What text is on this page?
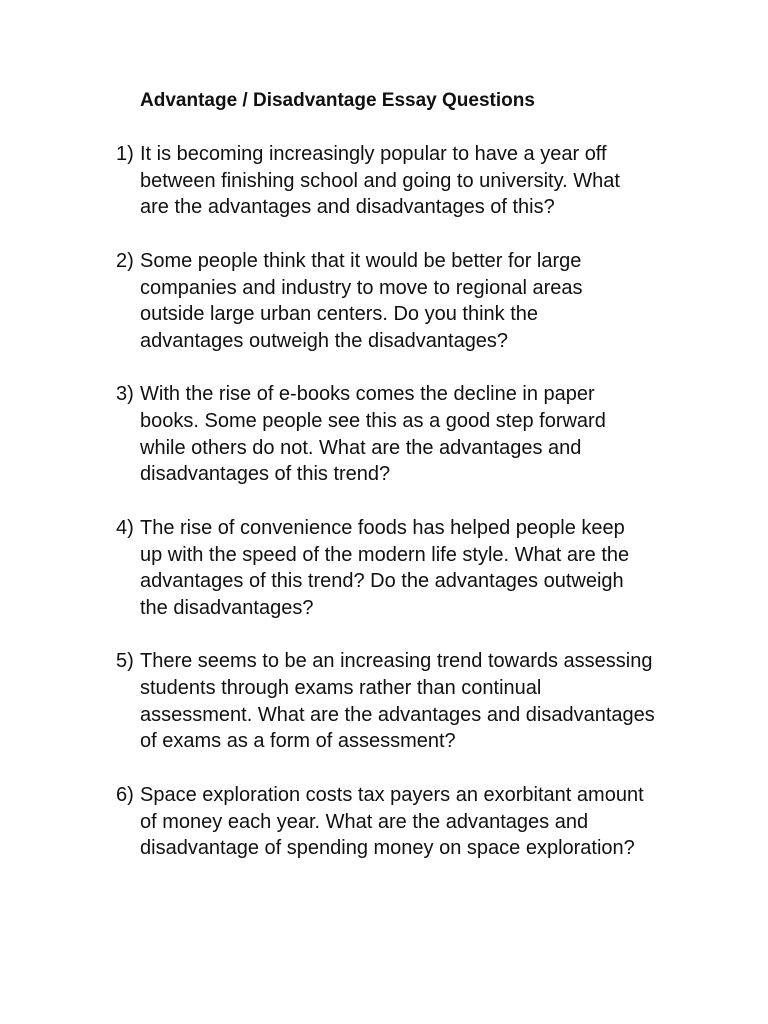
Advantage / Disadvantage Essay Questions
1) It is becoming increasingly popular to have a year off
between finishing school and going to university. What
are the advantages and disadvantages of this?
2) Some people think that it would be better for large
companies and industry to move to regional areas
outside large urban centers. Do you think the
advantages outweigh the disadvantages?
3) With the rise of e-books comes the decline in paper
books. Some people see this as a good step forward
while others do not. What are the advantages and
disadvantages of this trend?
4) The rise of convenience foods has helped people keep
up with the speed of the modern life style. What are the
advantages of this trend? Do the advantages outweigh
the disadvantages?
5) There seems to be an increasing trend towards assessing
students through exams rather than continual
assessment. What are the advantages and disadvantages
of exams as a form of assessment?
6) Space exploration costs tax payers an exorbitant amount
of money each year. What are the advantages and
disadvantage of spending money on space exploration?
